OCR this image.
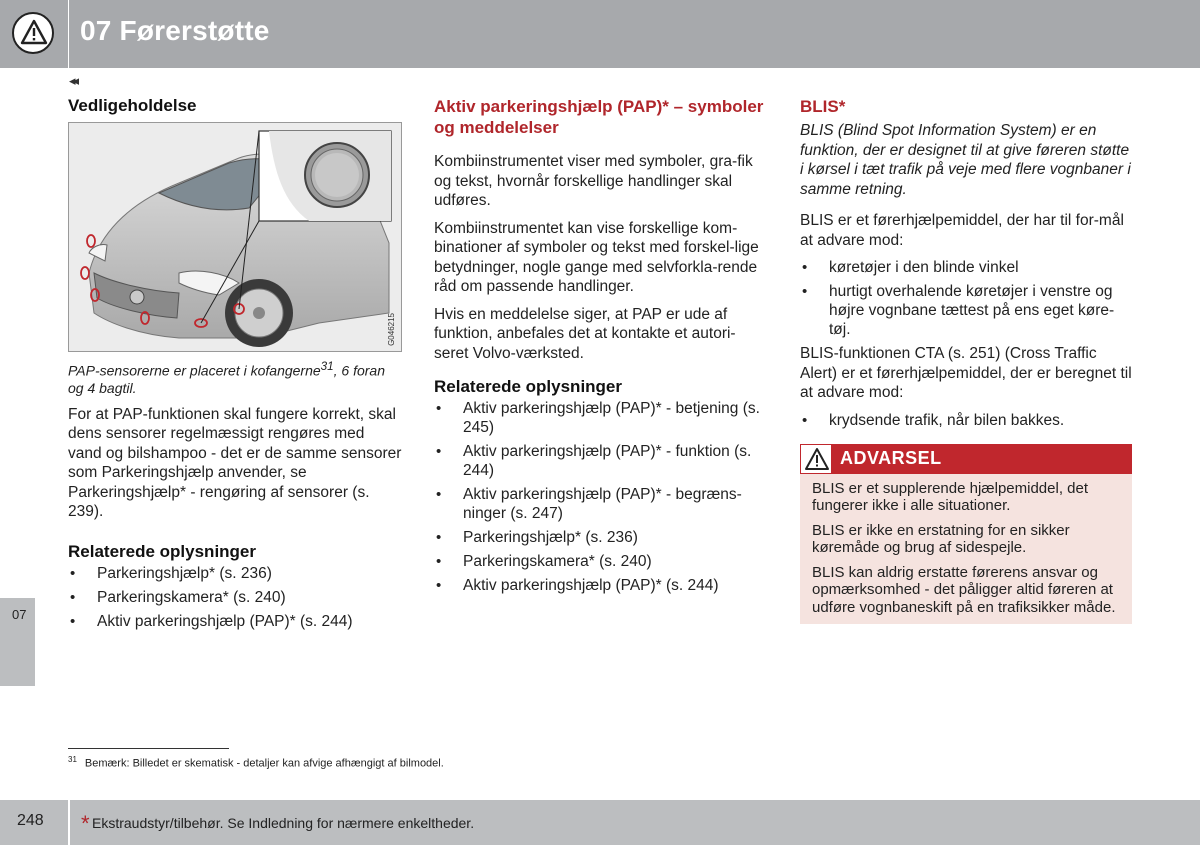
07 Førerstøtte
◂◂
07
Vedligeholdelse
G046215
PAP-sensorerne er placeret i kofangerne$^{31}$, 6 foran og 4 bagtil.

For at PAP-funktionen skal fungere korrekt, skal dens sensorer regelmæssigt rengøres med vand og bilshampoo - det er de samme sensorer som Parkeringshjælp anvender, se Parkeringshjælp* - rengøring af sensorer (s. 239).

Relaterede oplysninger
• Parkeringshjælp* (s. 236)
• Parkeringskamera* (s. 240)
• Aktiv parkeringshjælp (PAP)* (s. 244)
Aktiv parkeringshjælp (PAP)* – symboler og meddelelser

Kombiinstrumentet viser med symboler, gra-fik og tekst, hvornår forskellige handlinger skal udføres.

Kombiinstrumentet kan vise forskellige kom-binationer af symboler og tekst med forskel-lige betydninger, nogle gange med selvforkla-rende råd om passende handlinger.

Hvis en meddelelse siger, at PAP er ude af funktion, anbefales det at kontakte et autori-seret Volvo-værksted.

Relaterede oplysninger
• Aktiv parkeringshjælp (PAP)* - betjening (s. 245)
• Aktiv parkeringshjælp (PAP)* - funktion (s. 244)
• Aktiv parkeringshjælp (PAP)* - begræns-ninger (s. 247)
• Parkeringshjælp* (s. 236)
• Parkeringskamera* (s. 240)
• Aktiv parkeringshjælp (PAP)* (s. 244)
BLIS*

BLIS (Blind Spot Information System) er en funktion, der er designet til at give føreren støtte i kørsel i tæt trafik på veje med flere vognbaner i samme retning.

BLIS er et førerhjælpemiddel, der har til for-mål at advare mod:

• køretøjer i den blinde vinkel
• hurtigt overhalende køretøjer i venstre og højre vognbane tættest på ens eget køre-tøj.

BLIS-funktionen CTA (s. 251) (Cross Traffic Alert) er et førerhjælpemiddel, der er beregnet til at advare mod:

• krydsende trafik, når bilen bakkes.
ADVARSEL

BLIS er et supplerende hjælpemiddel, det fungerer ikke i alle situationer.

BLIS er ikke en erstatning for en sikker køremåde og brug af sidespejle.

BLIS kan aldrig erstatte førerens ansvar og opmærksomhed - det påligger altid føreren at udføre vognbaneskift på en trafiksikker måde.

$^{31}$ Bemærk: Billedet er skematisk - detaljer kan afvige afhængigt af bilmodel.
248 * Ekstraudstyr/tilbehør. Se Indledning for nærmere enkeltheder.
